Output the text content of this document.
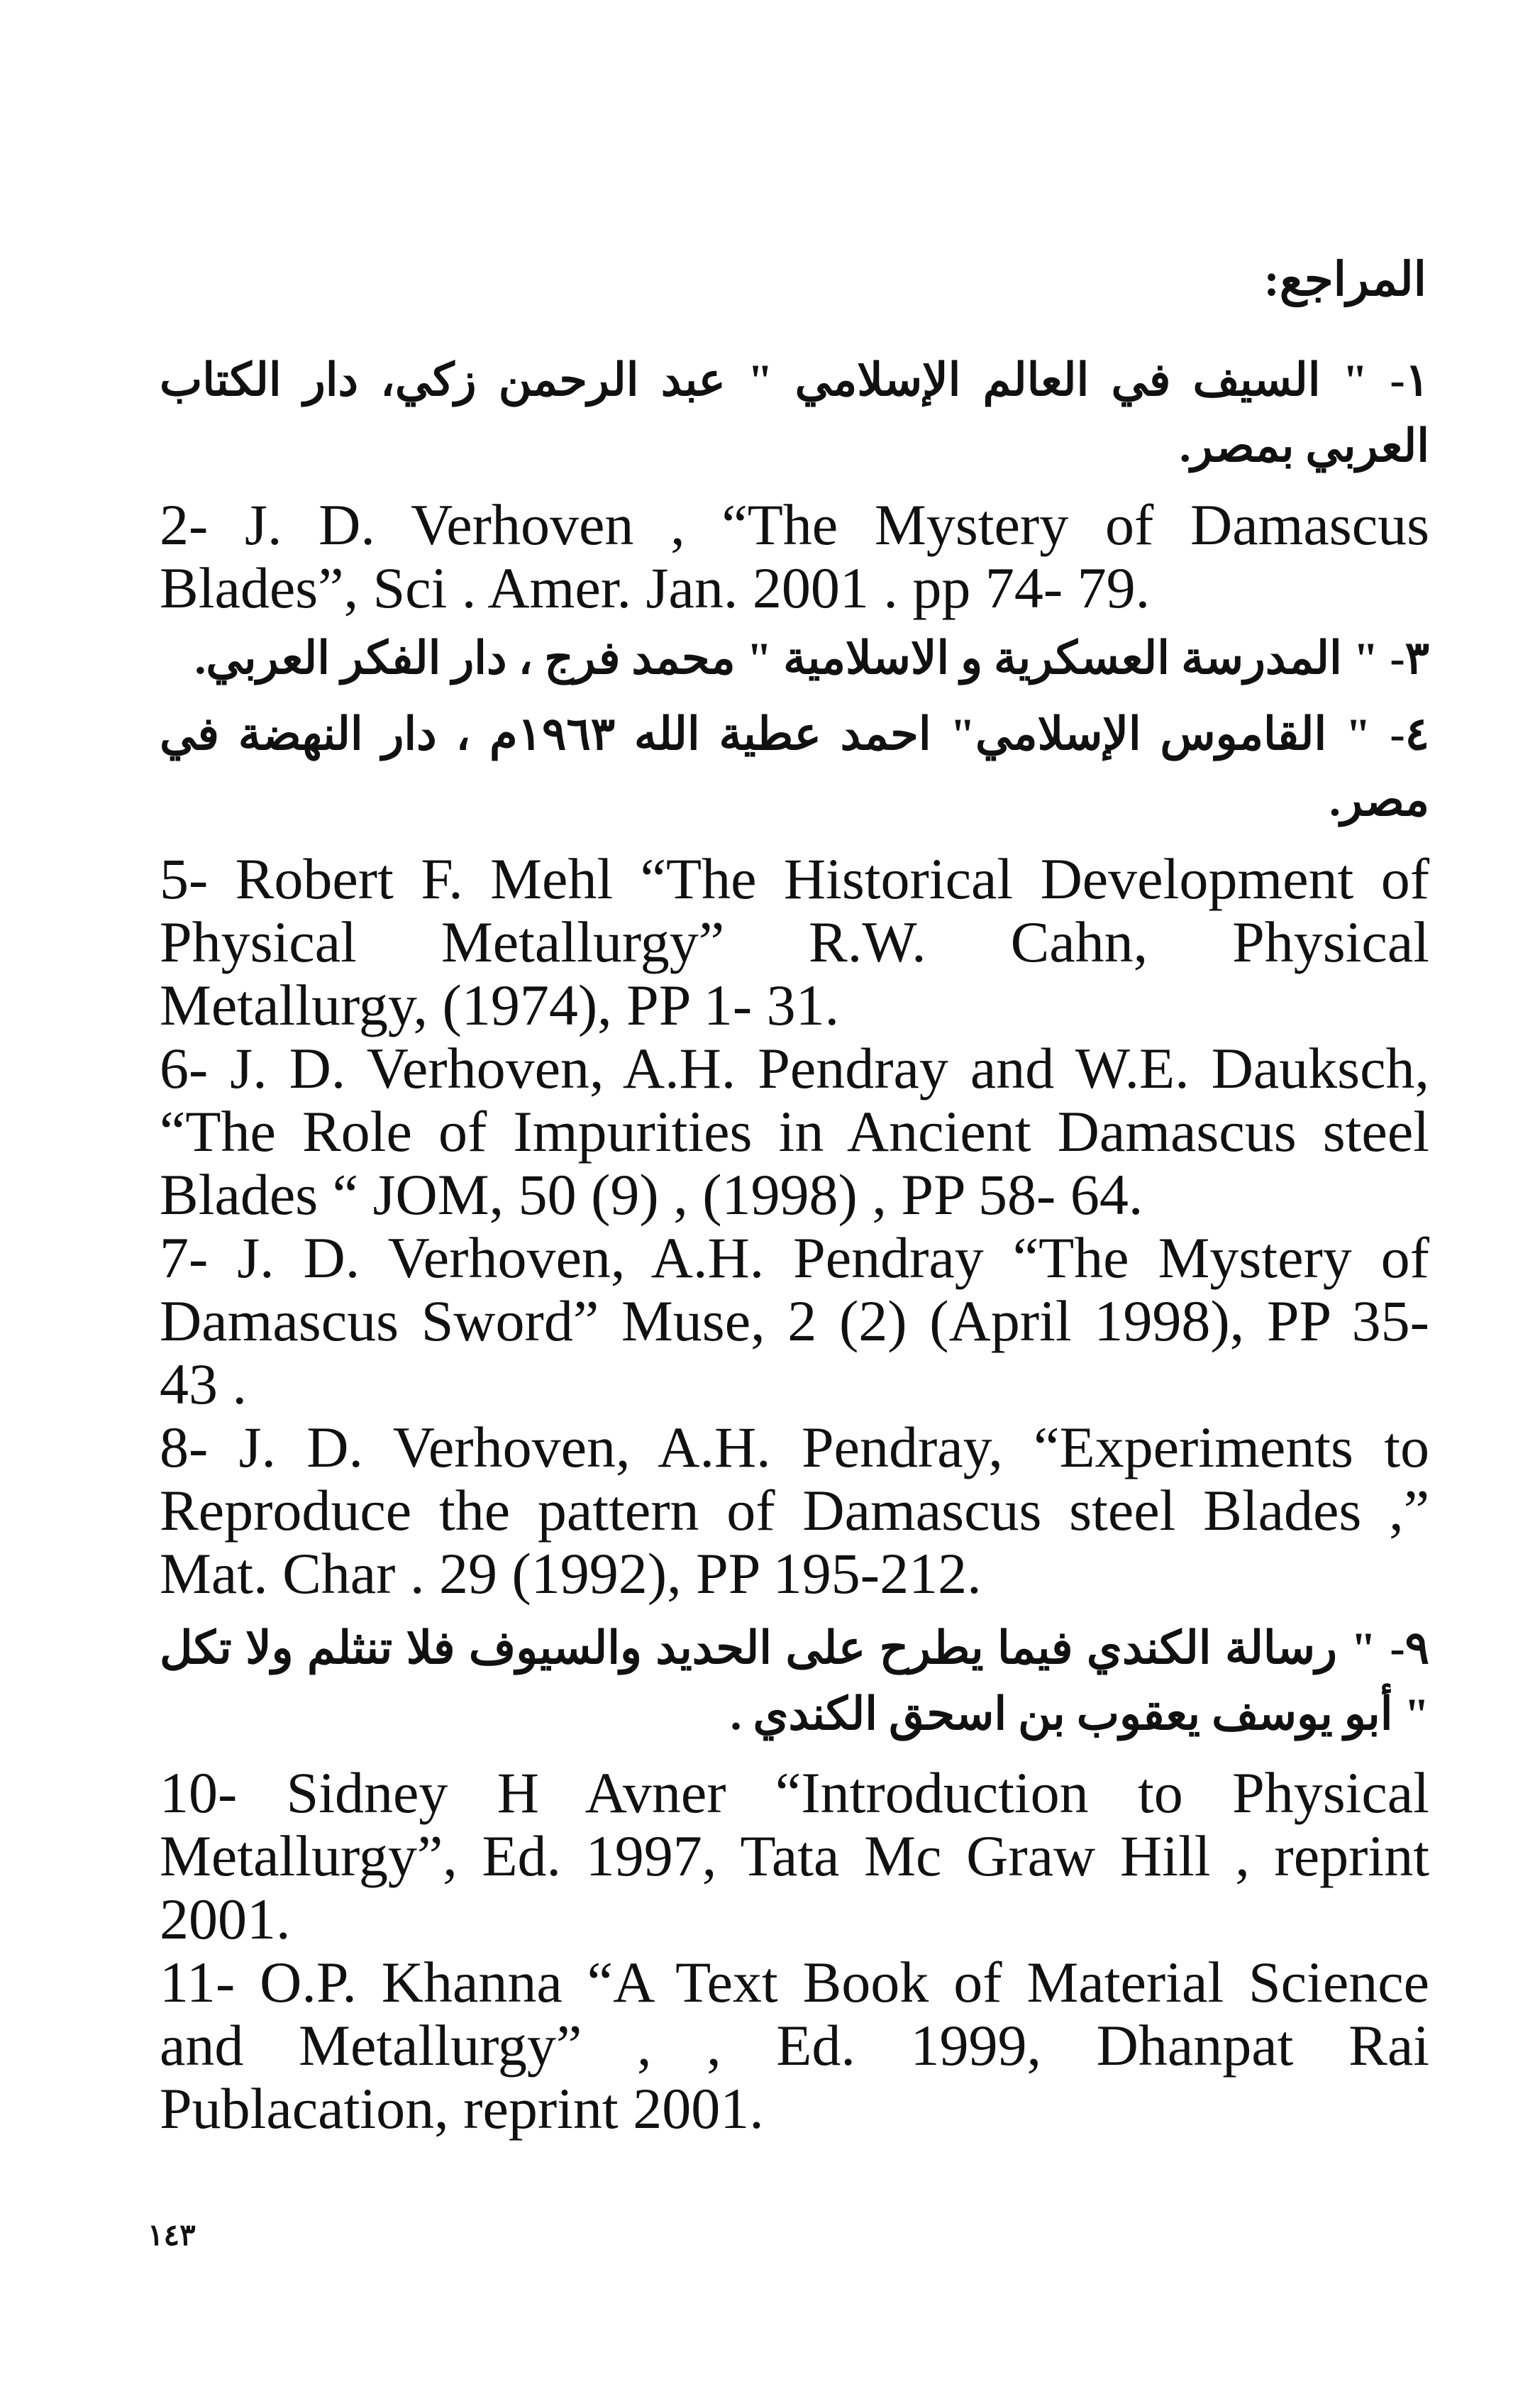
المراجع:
١- " السيف في العالم الإسلامي " عبد الرحمن زكي، دار الكتاب العربي بمصر.
2- J. D. Verhoven , “The Mystery of Damascus Blades”, Sci . Amer. Jan. 2001 . pp 74- 79.
٣- " المدرسة العسكرية و الاسلامية " محمد فرج ، دار الفكر العربي.
٤- " القاموس الإسلامي" احمد عطية الله ١٩٦٣م ، دار النهضة في مصر.
5- Robert F. Mehl “The Historical Development of Physical Metallurgy” R.W. Cahn, Physical Metallurgy, (1974), PP 1- 31.
6- J. D. Verhoven, A.H. Pendray and W.E. Dauksch, “The Role of Impurities in Ancient Damascus steel Blades “ JOM, 50 (9) , (1998) , PP 58- 64.
7- J. D. Verhoven, A.H. Pendray “The Mystery of Damascus Sword” Muse, 2 (2) (April 1998), PP 35- 43 .
8- J. D. Verhoven, A.H. Pendray, “Experiments to Reproduce the pattern of Damascus steel Blades ,” Mat. Char . 29 (1992), PP 195-212.
٩- " رسالة الكندي فيما يطرح على الحديد والسيوف فلا تنثلم ولا تكل " أبو يوسف يعقوب بن اسحق الكندي .
10- Sidney H Avner “Introduction to Physical Metallurgy”, Ed. 1997, Tata Mc Graw Hill , reprint 2001.
11- O.P. Khanna “A Text Book of Material Science and Metallurgy” , , Ed. 1999, Dhanpat Rai Publacation, reprint 2001.
١٤٣
